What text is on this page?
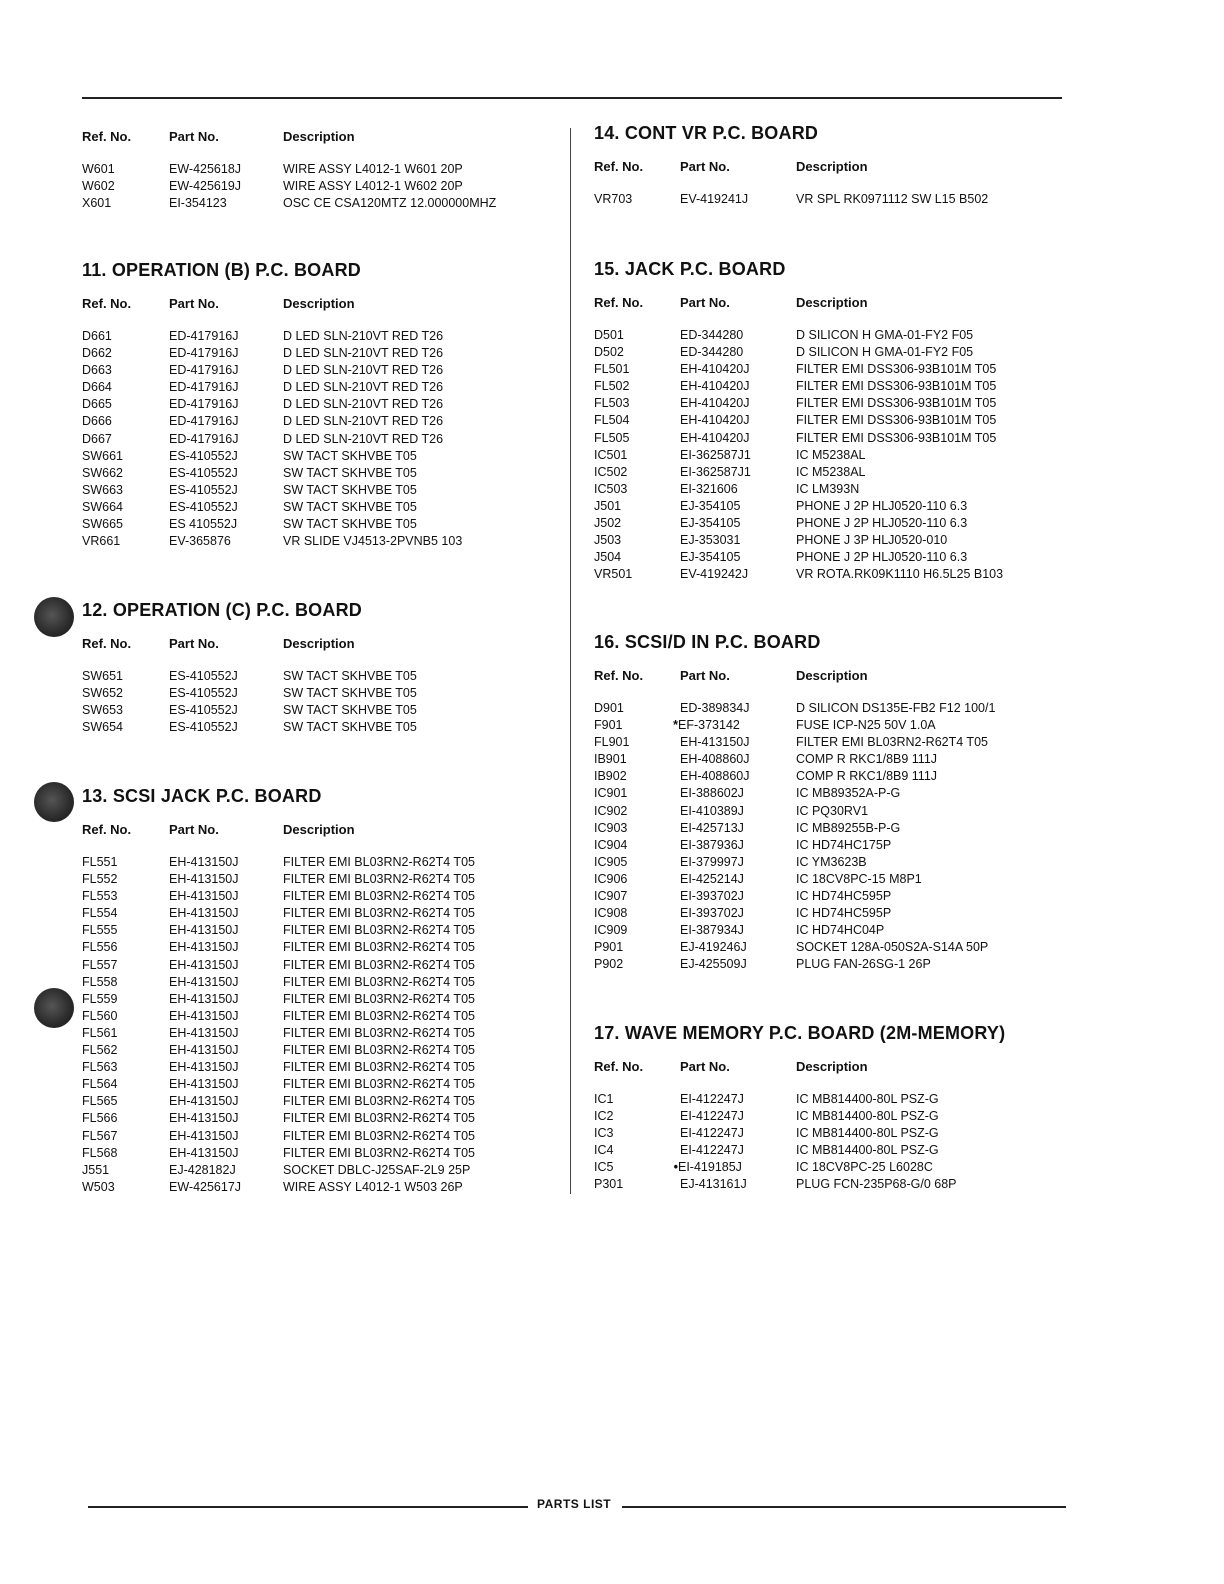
Ref. No.	Part No.	Description
W601	EW-425618J	WIRE ASSY L4012-1 W601 20P
W602	EW-425619J	WIRE ASSY L4012-1 W602 20P
X601	EI-354123	OSC CE CSA120MTZ 12.000000MHZ
11. OPERATION (B) P.C. BOARD
Ref. No.	Part No.	Description
D661	ED-417916J	D LED SLN-210VT RED T26
D662	ED-417916J	D LED SLN-210VT RED T26
D663	ED-417916J	D LED SLN-210VT RED T26
D664	ED-417916J	D LED SLN-210VT RED T26
D665	ED-417916J	D LED SLN-210VT RED T26
D666	ED-417916J	D LED SLN-210VT RED T26
D667	ED-417916J	D LED SLN-210VT RED T26
SW661	ES-410552J	SW TACT SKHVBE T05
SW662	ES-410552J	SW TACT SKHVBE T05
SW663	ES-410552J	SW TACT SKHVBE T05
SW664	ES-410552J	SW TACT SKHVBE T05
SW665	ES 410552J	SW TACT SKHVBE T05
VR661	EV-365876	VR SLIDE VJ4513-2PVNB5 103
12. OPERATION (C) P.C. BOARD
Ref. No.	Part No.	Description
SW651	ES-410552J	SW TACT SKHVBE T05
SW652	ES-410552J	SW TACT SKHVBE T05
SW653	ES-410552J	SW TACT SKHVBE T05
SW654	ES-410552J	SW TACT SKHVBE T05
13. SCSI JACK P.C. BOARD
Ref. No.	Part No.	Description
FL551	EH-413150J	FILTER EMI BL03RN2-R62T4 T05
FL552	EH-413150J	FILTER EMI BL03RN2-R62T4 T05
FL553	EH-413150J	FILTER EMI BL03RN2-R62T4 T05
FL554	EH-413150J	FILTER EMI BL03RN2-R62T4 T05
FL555	EH-413150J	FILTER EMI BL03RN2-R62T4 T05
FL556	EH-413150J	FILTER EMI BL03RN2-R62T4 T05
FL557	EH-413150J	FILTER EMI BL03RN2-R62T4 T05
FL558	EH-413150J	FILTER EMI BL03RN2-R62T4 T05
FL559	EH-413150J	FILTER EMI BL03RN2-R62T4 T05
FL560	EH-413150J	FILTER EMI BL03RN2-R62T4 T05
FL561	EH-413150J	FILTER EMI BL03RN2-R62T4 T05
FL562	EH-413150J	FILTER EMI BL03RN2-R62T4 T05
FL563	EH-413150J	FILTER EMI BL03RN2-R62T4 T05
FL564	EH-413150J	FILTER EMI BL03RN2-R62T4 T05
FL565	EH-413150J	FILTER EMI BL03RN2-R62T4 T05
FL566	EH-413150J	FILTER EMI BL03RN2-R62T4 T05
FL567	EH-413150J	FILTER EMI BL03RN2-R62T4 T05
FL568	EH-413150J	FILTER EMI BL03RN2-R62T4 T05
J551	EJ-428182J	SOCKET DBLC-J25SAF-2L9 25P
W503	EW-425617J	WIRE ASSY L4012-1 W503 26P
14. CONT VR P.C. BOARD
Ref. No.	Part No.	Description
VR703	EV-419241J	VR SPL RK0971112 SW L15 B502
15. JACK P.C. BOARD
Ref. No.	Part No.	Description
D501	ED-344280	D SILICON H GMA-01-FY2 F05
D502	ED-344280	D SILICON H GMA-01-FY2 F05
FL501	EH-410420J	FILTER EMI DSS306-93B101M T05
FL502	EH-410420J	FILTER EMI DSS306-93B101M T05
FL503	EH-410420J	FILTER EMI DSS306-93B101M T05
FL504	EH-410420J	FILTER EMI DSS306-93B101M T05
FL505	EH-410420J	FILTER EMI DSS306-93B101M T05
IC501	EI-362587J1	IC M5238AL
IC502	EI-362587J1	IC M5238AL
IC503	EI-321606	IC LM393N
J501	EJ-354105	PHONE J 2P HLJ0520-110 6.3
J502	EJ-354105	PHONE J 2P HLJ0520-110 6.3
J503	EJ-353031	PHONE J 3P HLJ0520-010
J504	EJ-354105	PHONE J 2P HLJ0520-110 6.3
VR501	EV-419242J	VR ROTA.RK09K1110 H6.5L25 B103
16. SCSI/D IN P.C. BOARD
Ref. No.	Part No.	Description
D901	ED-389834J	D SILICON DS135E-FB2 F12 100/1
F901	*EF-373142	FUSE ICP-N25 50V 1.0A
FL901	EH-413150J	FILTER EMI BL03RN2-R62T4 T05
IB901	EH-408860J	COMP R RKC1/8B9 111J
IB902	EH-408860J	COMP R RKC1/8B9 111J
IC901	EI-388602J	IC MB89352A-P-G
IC902	EI-410389J	IC PQ30RV1
IC903	EI-425713J	IC MB89255B-P-G
IC904	EI-387936J	IC HD74HC175P
IC905	EI-379997J	IC YM3623B
IC906	EI-425214J	IC 18CV8PC-15 M8P1
IC907	EI-393702J	IC HD74HC595P
IC908	EI-393702J	IC HD74HC595P
IC909	EI-387934J	IC HD74HC04P
P901	EJ-419246J	SOCKET 128A-050S2A-S14A 50P
P902	EJ-425509J	PLUG FAN-26SG-1 26P
17. WAVE MEMORY P.C. BOARD (2M-MEMORY)
Ref. No.	Part No.	Description
IC1	EI-412247J	IC MB814400-80L PSZ-G
IC2	EI-412247J	IC MB814400-80L PSZ-G
IC3	EI-412247J	IC MB814400-80L PSZ-G
IC4	EI-412247J	IC MB814400-80L PSZ-G
IC5	•EI-419185J	IC 18CV8PC-25 L6028C
P301	EJ-413161J	PLUG FCN-235P68-G/0 68P
PARTS LIST
